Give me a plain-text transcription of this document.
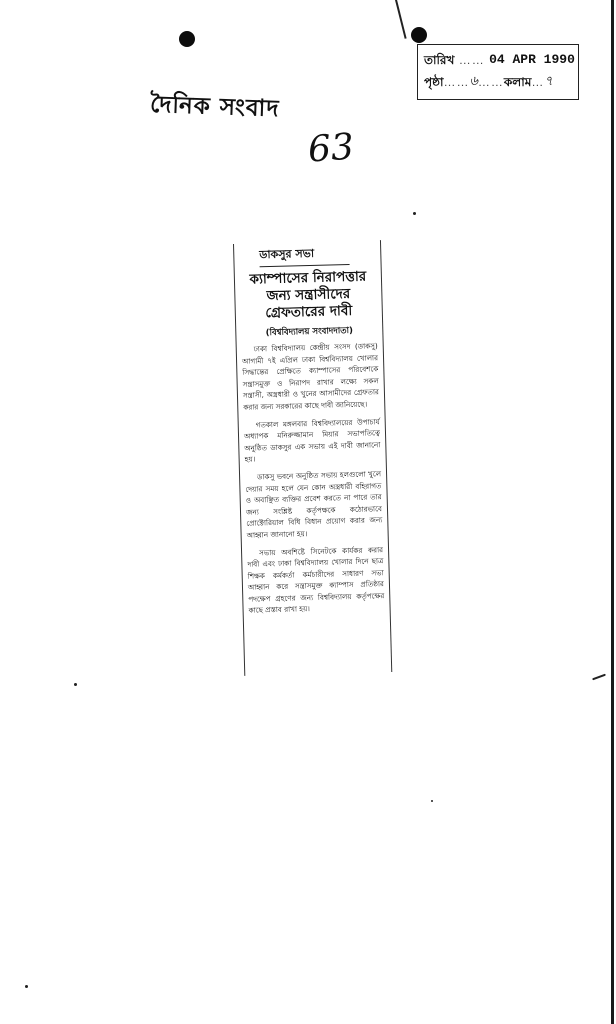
তারিখ …… 04 APR 1990
পৃষ্ঠা …… ৬ …… কলাম … ৭
দৈনিক সংবাদ
63
ডাকসুর সভা
ক্যাম্পাসের নিরাপত্তার
জন্য সন্ত্রাসীদের
গ্রেফতারের দাবী
(বিশ্ববিদ্যালয় সংবাদদাতা)

ঢাকা বিশ্ববিদ্যালয় কেন্দ্রীয় সংসদ (ডাকসু) আগামী ৭ই এপ্রিল ঢাকা বিশ্ববিদ্যালয় খোলার সিদ্ধান্তের প্রেক্ষিতে ক্যাম্পাসের পরিবেশকে সন্ত্রাসমুক্ত ও নিরাপদ রাখার লক্ষ্যে সকল সন্ত্রাসী, অস্ত্রধারী ও খুনের আসামীদের গ্রেফতার করার জন্য সরকারের কাছে দাবী জানিয়েছে।

গতকাল মঙ্গলবার বিশ্ববিদ্যালয়ের উপাচার্য অধ্যাপক মনিরুজ্জামান মিয়ার সভাপতিত্বে অনুষ্ঠিত ডাকসুর এক সভায় এই দাবী জানানো হয়।

ডাকসু ভবনে অনুষ্ঠিত সভায় হলগুলো খুলে দেয়ার সময় হলে যেন কোন অস্ত্রধারী বহিরাগত ও অবাঞ্ছিত ব্যক্তির প্রবেশ করতে না পারে তার জন্য সংশ্লিষ্ট কর্তৃপক্ষকে কঠোরভাবে প্রোক্টোরিয়াল বিধি বিধান প্রয়োগ করার জন্য আহ্বান জানানো হয়।

সভায় অবশিষ্টে সিনেটকে কার্যকর করার দাবী এবং ঢাকা বিশ্ববিদ্যালয় খোলার দিনে ছাত্র শিক্ষক কর্মকর্তা কর্মচারীদের সাধারণ সভা আহ্বান করে সন্ত্রাসমুক্ত ক্যাম্পাস প্রতিষ্ঠার পদক্ষেপ গ্রহণের জন্য বিশ্ববিদ্যালয় কর্তৃপক্ষের কাছে প্রস্তাব রাখা হয়।
